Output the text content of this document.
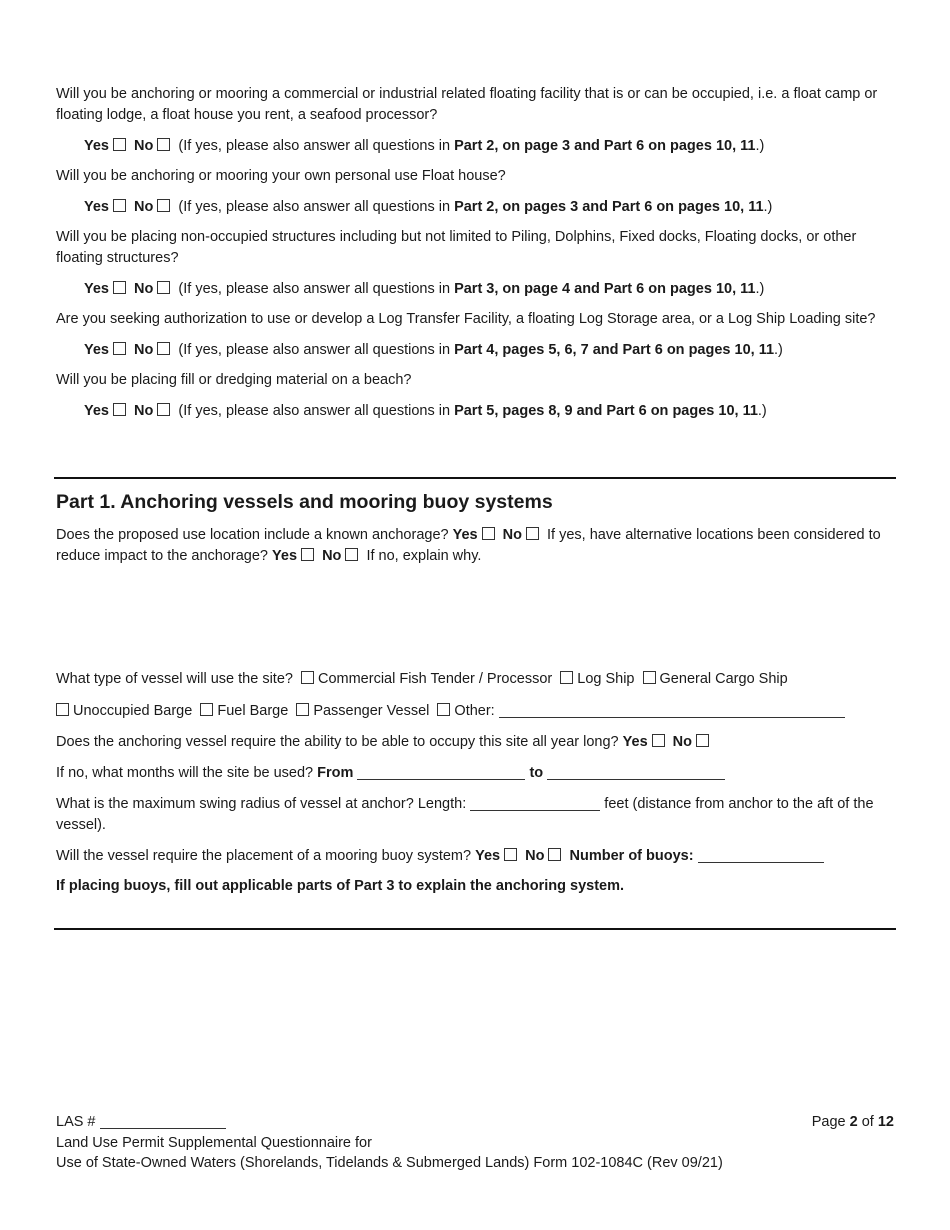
Will you be anchoring or mooring a commercial or industrial related floating facility that is or can be occupied, i.e. a float camp or floating lodge, a float house you rent, a seafood processor?

Yes No (If yes, please also answer all questions in Part 2, on page 3 and Part 6 on pages 10, 11.)

Will you be anchoring or mooring your own personal use Float house?

Yes No (If yes, please also answer all questions in Part 2, on pages 3 and Part 6 on pages 10, 11.)

Will you be placing non-occupied structures including but not limited to Piling, Dolphins, Fixed docks, Floating docks, or other floating structures?

Yes No (If yes, please also answer all questions in Part 3, on page 4 and Part 6 on pages 10, 11.)

Are you seeking authorization to use or develop a Log Transfer Facility, a floating Log Storage area, or a Log Ship Loading site?

Yes No (If yes, please also answer all questions in Part 4, pages 5, 6, 7 and Part 6 on pages 10, 11.)

Will you be placing fill or dredging material on a beach?

Yes No (If yes, please also answer all questions in Part 5, pages 8, 9 and Part 6 on pages 10, 11.)

Part 1. Anchoring vessels and mooring buoy systems

Does the proposed use location include a known anchorage? Yes No If yes, have alternative locations been considered to reduce impact to the anchorage? Yes No If no, explain why.

What type of vessel will use the site? Commercial Fish Tender / Processor Log Ship General Cargo Ship

Unoccupied Barge Fuel Barge Passenger Vessel Other:

Does the anchoring vessel require the ability to be able to occupy this site all year long? Yes No

If no, what months will the site be used? From	to

What is the maximum swing radius of vessel at anchor? Length:	feet (distance from anchor to the aft of the vessel).

Will the vessel require the placement of a mooring buoy system? Yes No Number of buoys:

If placing buoys, fill out applicable parts of Part 3 to explain the anchoring system.

LAS #
Land Use Permit Supplemental Questionnaire for
Use of State-Owned Waters (Shorelands, Tidelands & Submerged Lands) Form 102-1084C (Rev 09/21)
Page 2 of 12
